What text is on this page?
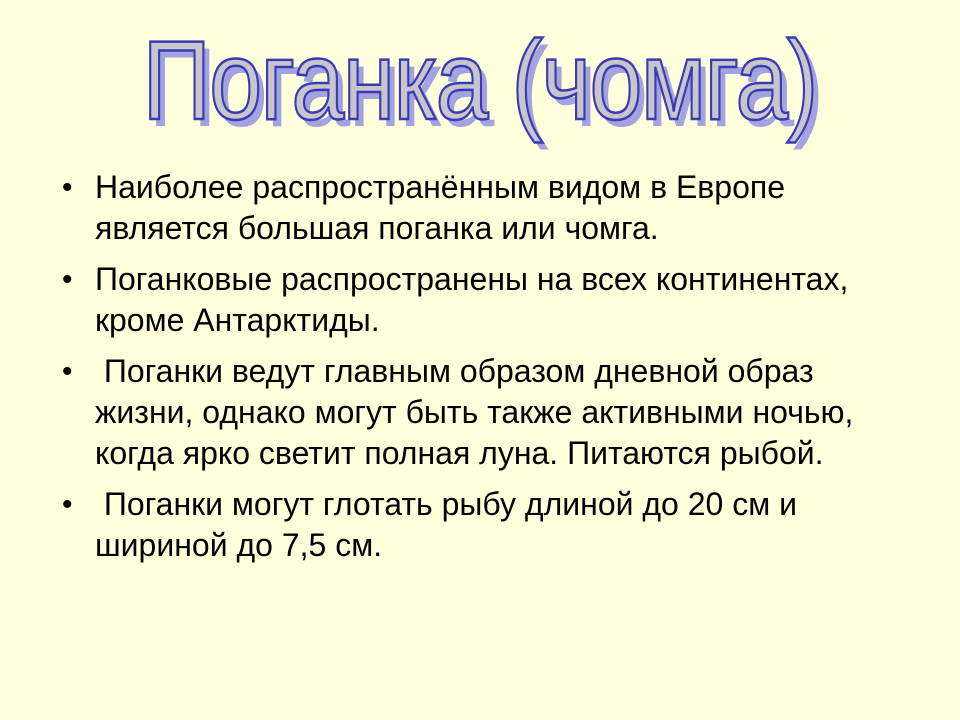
Поганка (чомга)
• Наиболее распространённым видом в Европе является большая поганка или чомга.
• Поганковые распространены на всех континентах, кроме Антарктиды.
• Поганки ведут главным образом дневной образ жизни, однако могут быть также активными ночью, когда ярко светит полная луна. Питаются рыбой.
• Поганки могут глотать рыбу длиной до 20 см и шириной до 7,5 см.
